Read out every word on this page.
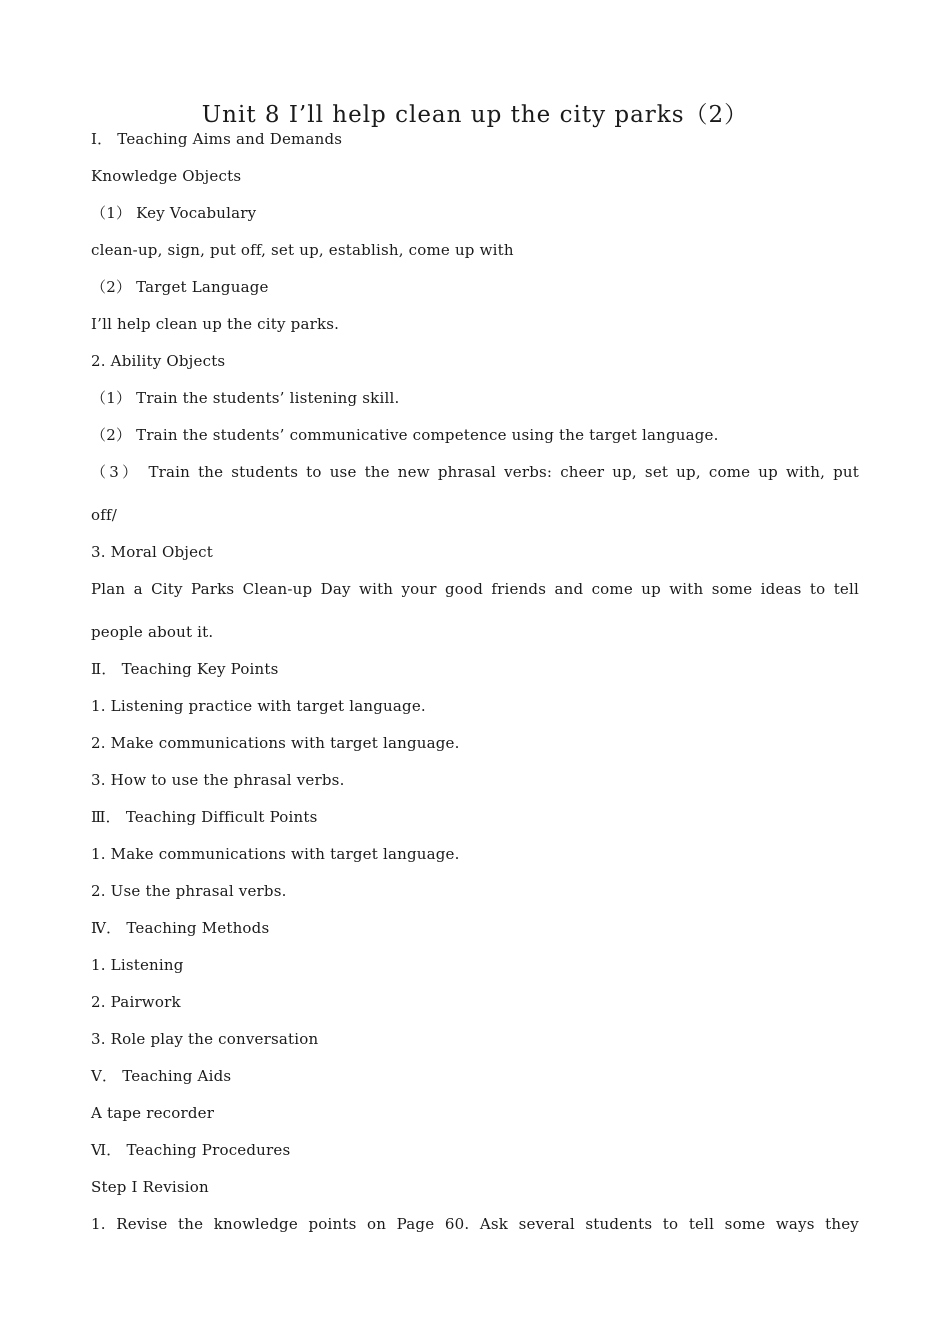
Unit 8 I’ll help clean up the city parks（2）
Ⅰ． Teaching Aims and Demands
Knowledge Objects
（1） Key Vocabulary
clean-up, sign, put off, set up, establish, come up with
（2） Target Language
I’ll help clean up the city parks.
2. Ability Objects
（1） Train the students’ listening skill.
（2） Train the students’ communicative competence using the target language.
（3） Train the students to use the new phrasal verbs: cheer up, set up, come up with, put
off/
3. Moral Object
Plan a City Parks Clean-up Day with your good friends and come up with some ideas to tell
people about it.
Ⅱ． Teaching Key Points
1. Listening practice with target language.
2. Make communications with target language.
3. How to use the phrasal verbs.
Ⅲ． Teaching Difficult Points
1. Make communications with target language.
2. Use the phrasal verbs.
Ⅳ． Teaching Methods
1. Listening
2. Pairwork
3. Role play the conversation
Ⅴ． Teaching Aids
A tape recorder
Ⅵ． Teaching Procedures
Step Ⅰ Revision
1. Revise the knowledge points on Page 60. Ask several students to tell some ways they
